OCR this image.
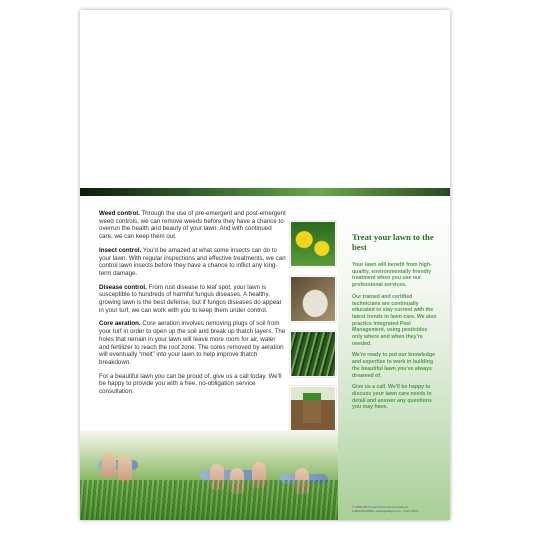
Weed control. Through the use of pre-emergent and post-emergent weed controls, we can remove weeds before they have a chance to overrun the health and beauty of your lawn. And with continued care, we can keep them out.

Insect control. You'd be amazed at what some insects can do to your lawn. With regular inspections and effective treatments, we can control lawn insects before they have a chance to inflict any long-term damage.

Disease control. From rust disease to leaf spot, your lawn is susceptible to hundreds of harmful fungus diseases. A healthy, growing lawn is the best defense, but if fungus diseases do appear in your turf, we can work with you to keep them under control.

Core aeration. Core aeration involves removing plugs of soil from your turf in order to open up the soil and break up thatch layers. The holes that remain in your lawn will leave more room for air, water and fertilizer to reach the root zone. The cores removed by aeration will eventually “melt” into your lawn to help improve thatch breakdown.

For a beautiful lawn you can be proud of, give us a call today. We'll be happy to provide you with a free, no-obligation service consultation.

Treat your lawn to the best

Your lawn will benefit from high-quality, environmentally friendly treatment when you use our professional services.

Our trained and certified technicians are continually educated to stay current with the latest trends in lawn care. We also practice Integrated Pest Management, using pesticides only where and when they're needed.

We're ready to put our knowledge and expertise to work in building the beautiful lawn you've always dreamed of.

Give us a call. We'll be happy to discuss your lawn care needs in detail and answer any questions you may have.

© 2008-2017 Fond Point Communications
1-800-555-#### • www.lgrowpro.com • Form #374
